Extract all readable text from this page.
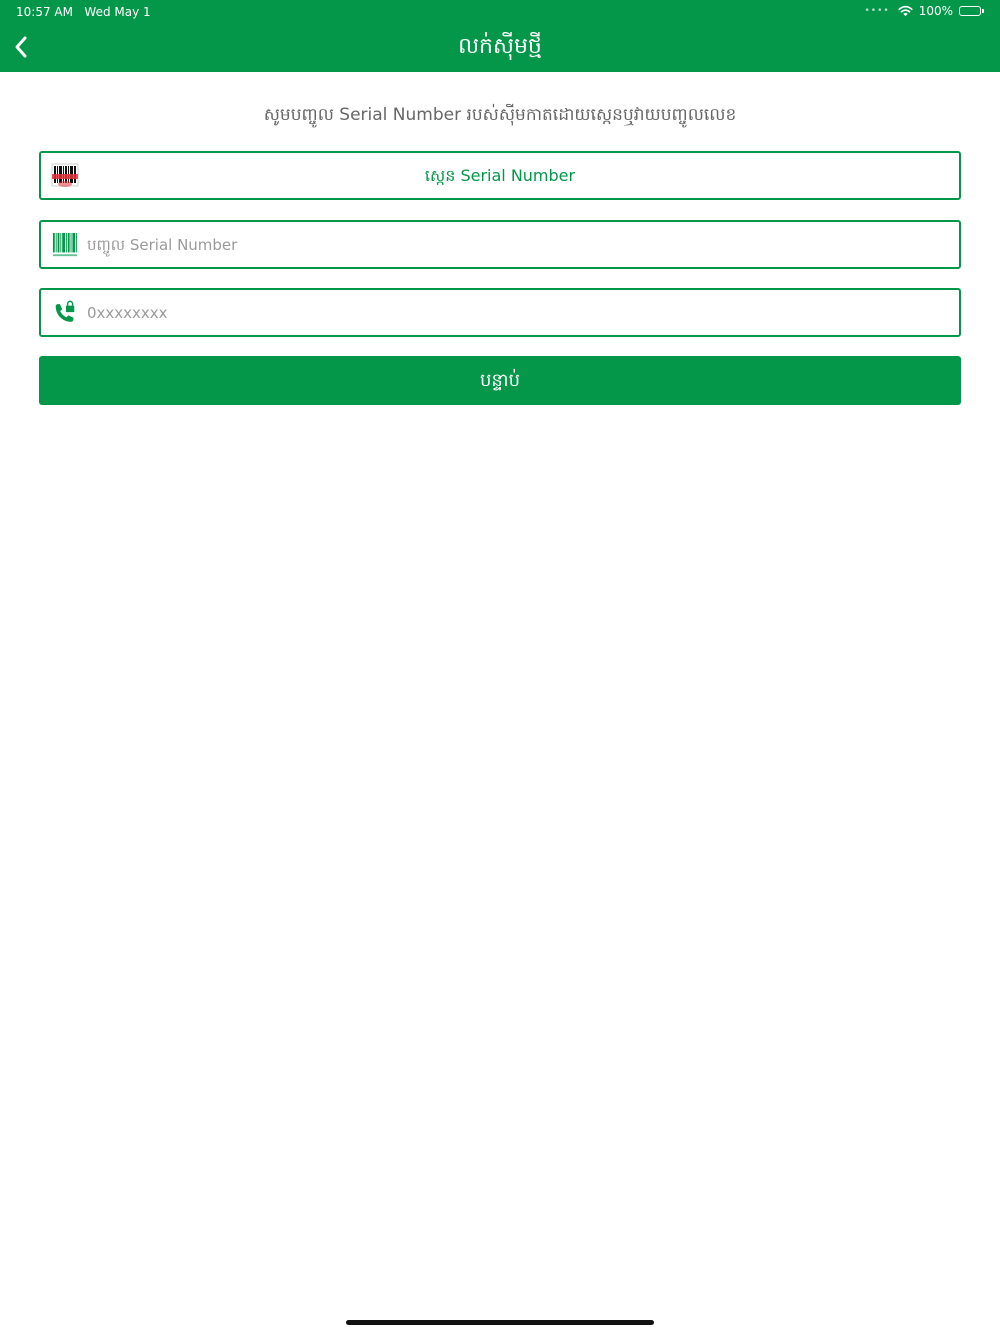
10:57 AM Wed May 1	•••• 100%
លក់ស៊ីមថ្មី
សូមបញ្ចូល Serial Number របស់ស៊ីមកាតដោយស្កេនឬវាយបញ្ចូលលេខ
ស្កេន Serial Number
បញ្ចូល Serial Number
0xxxxxxxx
បន្ទាប់
